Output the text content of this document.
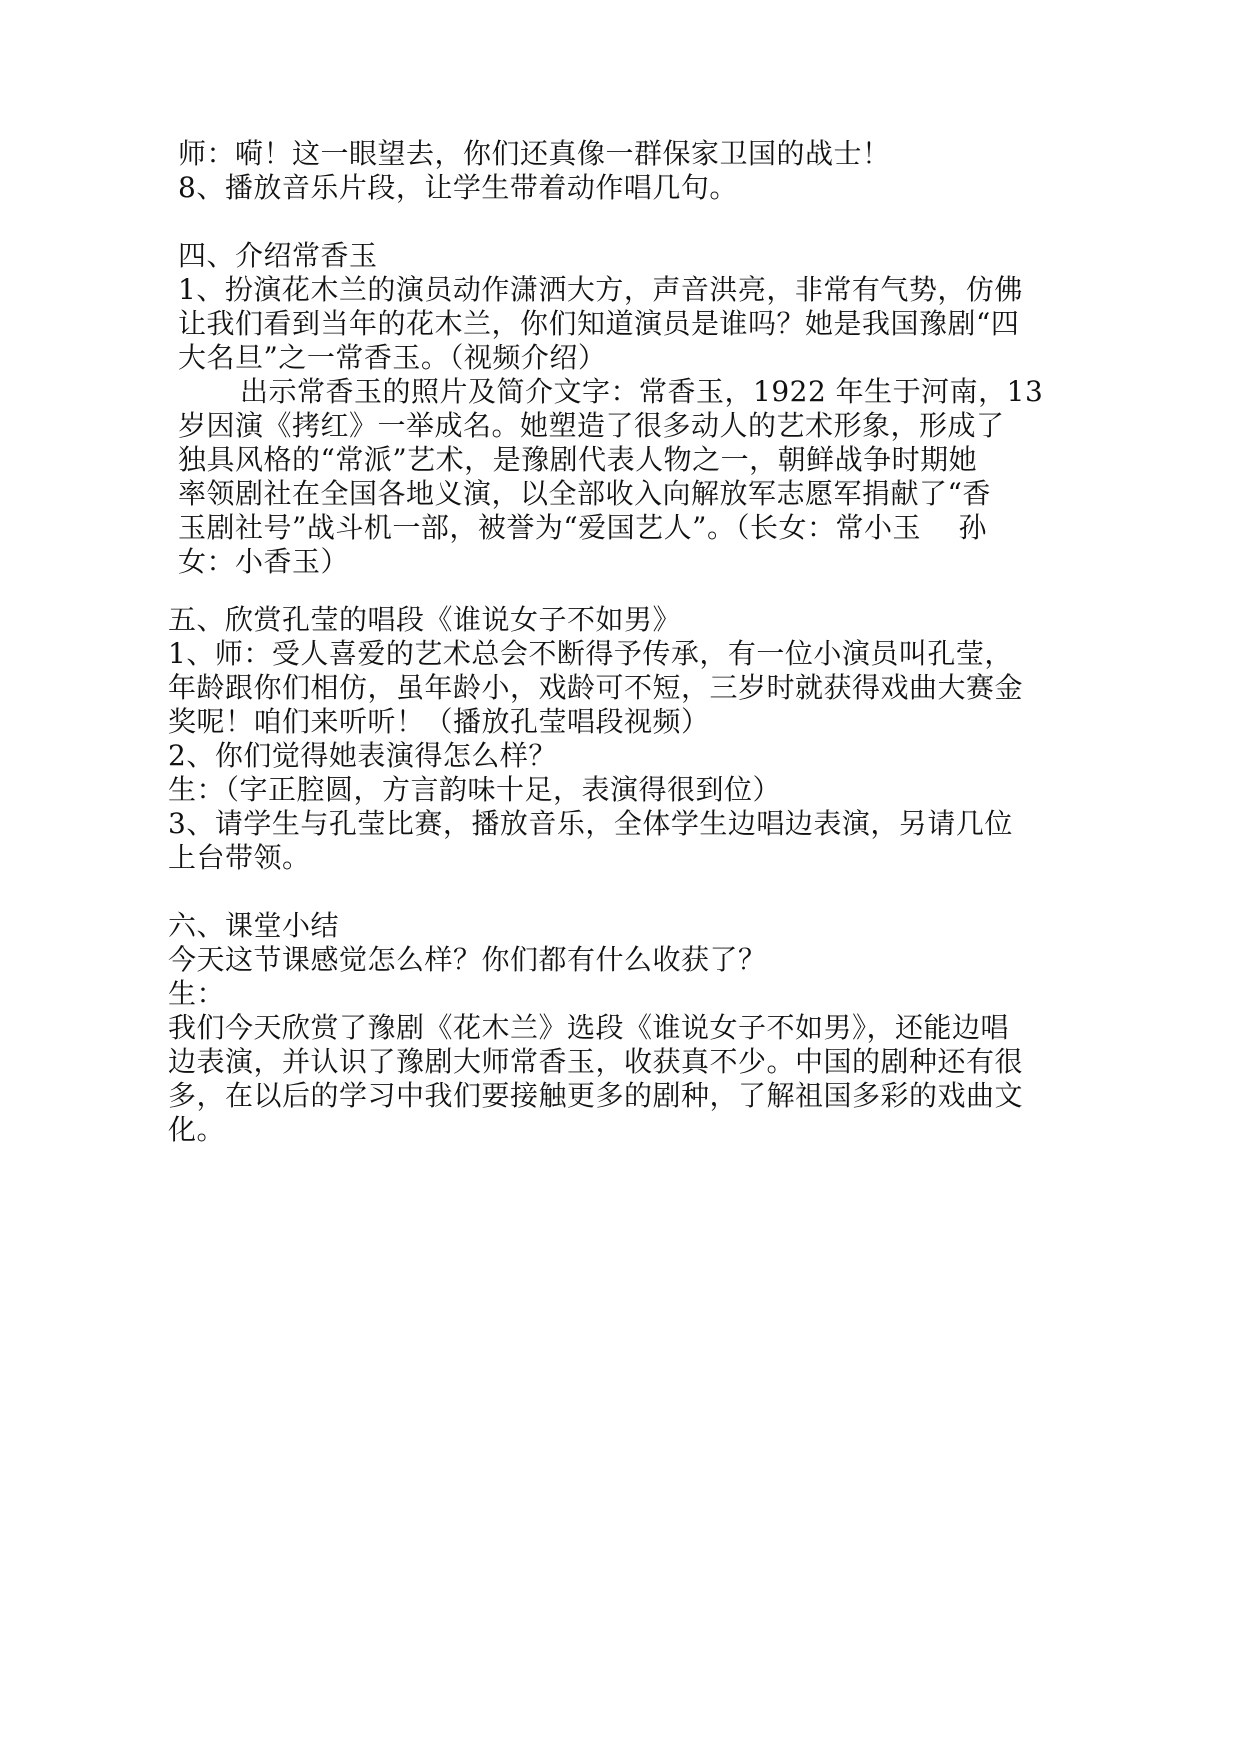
师：嗬！这一眼望去，你们还真像一群保家卫国的战士！
8、播放音乐片段，让学生带着动作唱几句。
四、介绍常香玉
1、扮演花木兰的演员动作潇洒大方，声音洪亮，非常有气势，仿佛
让我们看到当年的花木兰，你们知道演员是谁吗？她是我国豫剧“四
大名旦”之一常香玉。（视频介绍）
出示常香玉的照片及简介文字：常香玉，1922 年生于河南，13
岁因演《拷红》一举成名。她塑造了很多动人的艺术形象，形成了
独具风格的“常派”艺术，是豫剧代表人物之一，朝鲜战争时期她
率领剧社在全国各地义演，以全部收入向解放军志愿军捐献了“香
玉剧社号”战斗机一部，被誉为“爱国艺人”。（长女：常小玉    孙
女：小香玉）
五、欣赏孔莹的唱段《谁说女子不如男》
1、师：受人喜爱的艺术总会不断得予传承，有一位小演员叫孔莹，
年龄跟你们相仿，虽年龄小，戏龄可不短，三岁时就获得戏曲大赛金
奖呢！咱们来听听！（播放孔莹唱段视频）
2、你们觉得她表演得怎么样？
生：（字正腔圆，方言韵味十足，表演得很到位）
3、请学生与孔莹比赛，播放音乐，全体学生边唱边表演，另请几位
上台带领。
六、课堂小结
今天这节课感觉怎么样？你们都有什么收获了？
生：
我们今天欣赏了豫剧《花木兰》选段《谁说女子不如男》，还能边唱
边表演，并认识了豫剧大师常香玉，收获真不少。中国的剧种还有很
多，在以后的学习中我们要接触更多的剧种，了解祖国多彩的戏曲文
化。
